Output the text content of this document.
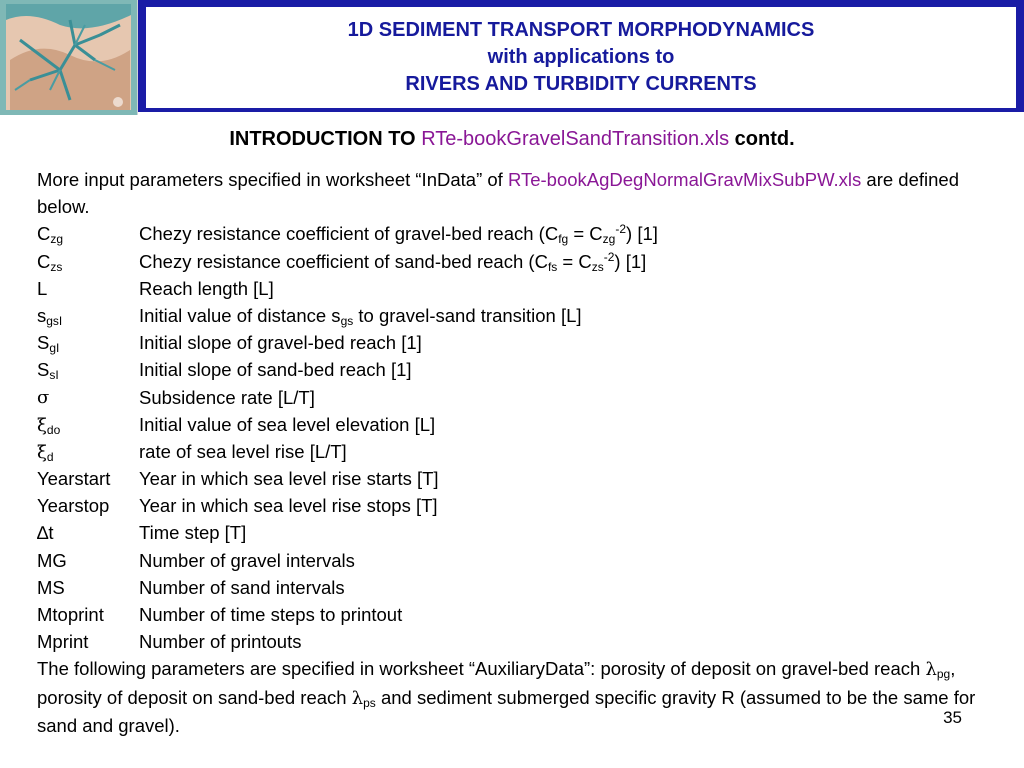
1D SEDIMENT TRANSPORT MORPHODYNAMICS
with applications to
RIVERS AND TURBIDITY CURRENTS
INTRODUCTION TO RTe-bookGravelSandTransition.xls contd.

More input parameters specified in worksheet “InData” of RTe-bookAgDegNormalGravMixSubPW.xls are defined below.

$C_{zg}$	Chezy resistance coefficient of gravel-bed reach $(C_{fg} = C_{zg}^{-2})$ [1]
$C_{zs}$	Chezy resistance coefficient of sand-bed reach $(C_{fs} = C_{zs}^{-2})$ [1]
L	Reach length [L]
$s_{gsI}$	Initial value of distance $s_{gs}$ to gravel-sand transition [L]
$S_{gI}$	Initial slope of gravel-bed reach [1]
$S_{sI}$	Initial slope of sand-bed reach [1]
σ	Subsidence rate [L/T]
$\xi_{do}$	Initial value of sea level elevation [L]
$\xi_d$	rate of sea level rise [L/T]
Yearstart	Year in which sea level rise starts [T]
Yearstop	Year in which sea level rise stops [T]
∆t	Time step [T]
MG	Number of gravel intervals
MS	Number of sand intervals
Mtoprint	Number of time steps to printout
Mprint	Number of printouts

The following parameters are specified in worksheet “AuxiliaryData”: porosity of deposit on gravel-bed reach $\lambda_{pg}$, porosity of deposit on sand-bed reach $\lambda_{ps}$ and sediment submerged specific gravity R (assumed to be the same for sand and gravel).	35
